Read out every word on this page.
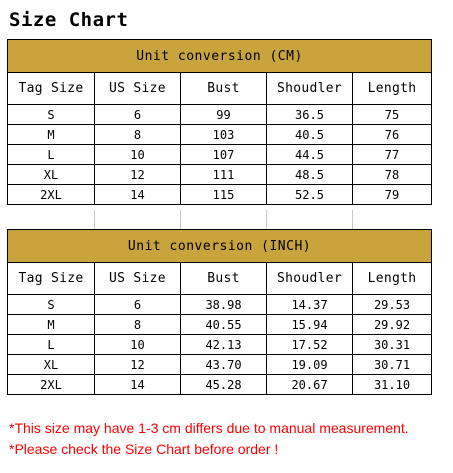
Size Chart
Unit conversion (CM)				
Tag Size	US Size	Bust	Shoudler	Length
S	6	99	36.5	75
M	8	103	40.5	76
L	10	107	44.5	77
XL	12	111	48.5	78
2XL	14	115	52.5	79
Unit conversion (INCH)				
Tag Size	US Size	Bust	Shoudler	Length
S	6	38.98	14.37	29.53
M	8	40.55	15.94	29.92
L	10	42.13	17.52	30.31
XL	12	43.70	19.09	30.71
2XL	14	45.28	20.67	31.10
*This size may have 1-3 cm differs due to manual measurement.
*Please check the Size Chart before order !
